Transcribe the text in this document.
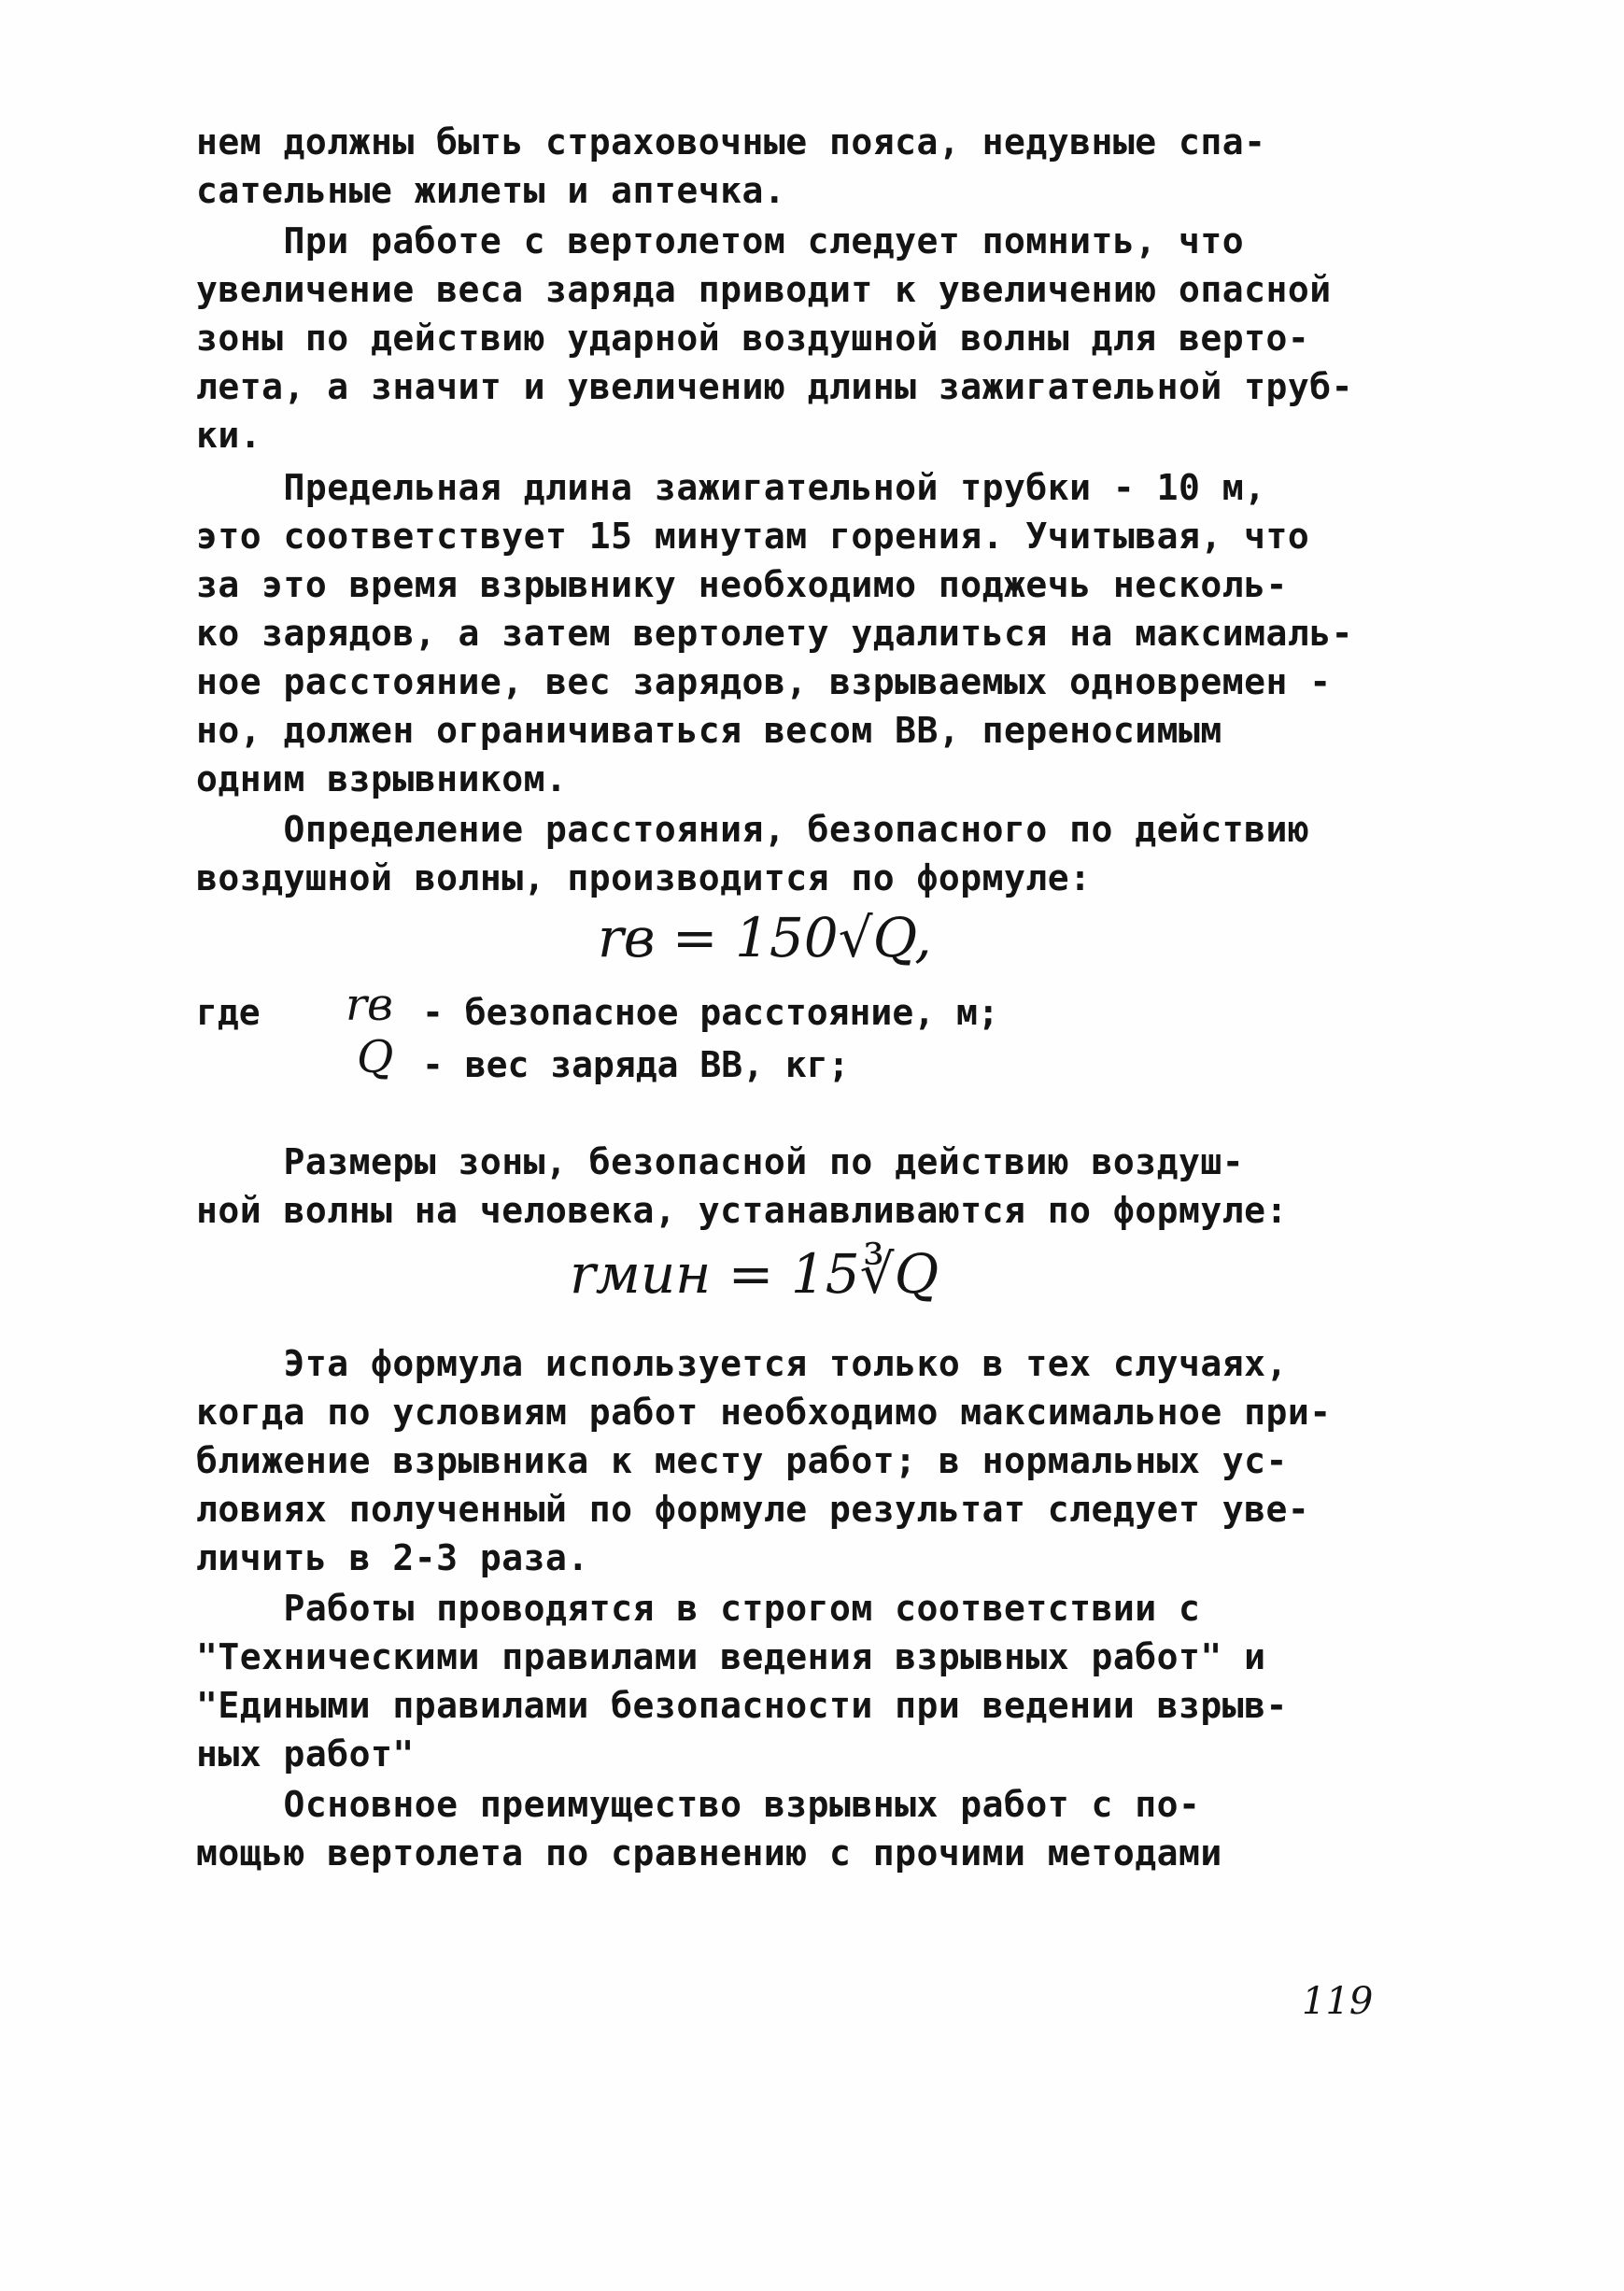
нем должны быть страховочные пояса, недувные спа-

сательные жилеты и аптечка.

При работе с вертолетом следует помнить, что

увеличение веса заряда приводит к увеличению опасной

зоны по действию ударной воздушной волны для верто-

лета, а значит и увеличению длины зажигательной труб-

ки.

Предельная длина зажигательной трубки - 10 м,

это соответствует 15 минутам горения. Учитывая, что

за это время взрывнику необходимо поджечь несколь-

ко зарядов, а затем вертолету удалиться на максималь-

ное расстояние, вес зарядов, взрываемых одновремен -

но, должен ограничиваться весом ВВ, переносимым

одним взрывником.

Определение расстояния, безопасного по действию

воздушной волны, производится по формуле:

rв = 150√Q,
где rв - безопасное расстояние, м;
Q - вес заряда ВВ, кг;

Размеры зоны, безопасной по действию воздуш-

ной волны на человека, устанавливаются по формуле:

rмин = 15∛Q

Эта формула используется только в тех случаях,

когда по условиям работ необходимо максимальное при-

ближение взрывника к месту работ; в нормальных ус-

ловиях полученный по формуле результат следует уве-

личить в 2-3 раза.

Работы проводятся в строгом соответствии с

"Техническими правилами ведения взрывных работ" и

"Едиными правилами безопасности при ведении взрыв-

ных работ"

Основное преимущество взрывных работ с по-

мощью вертолета по сравнению с прочими методами

119
